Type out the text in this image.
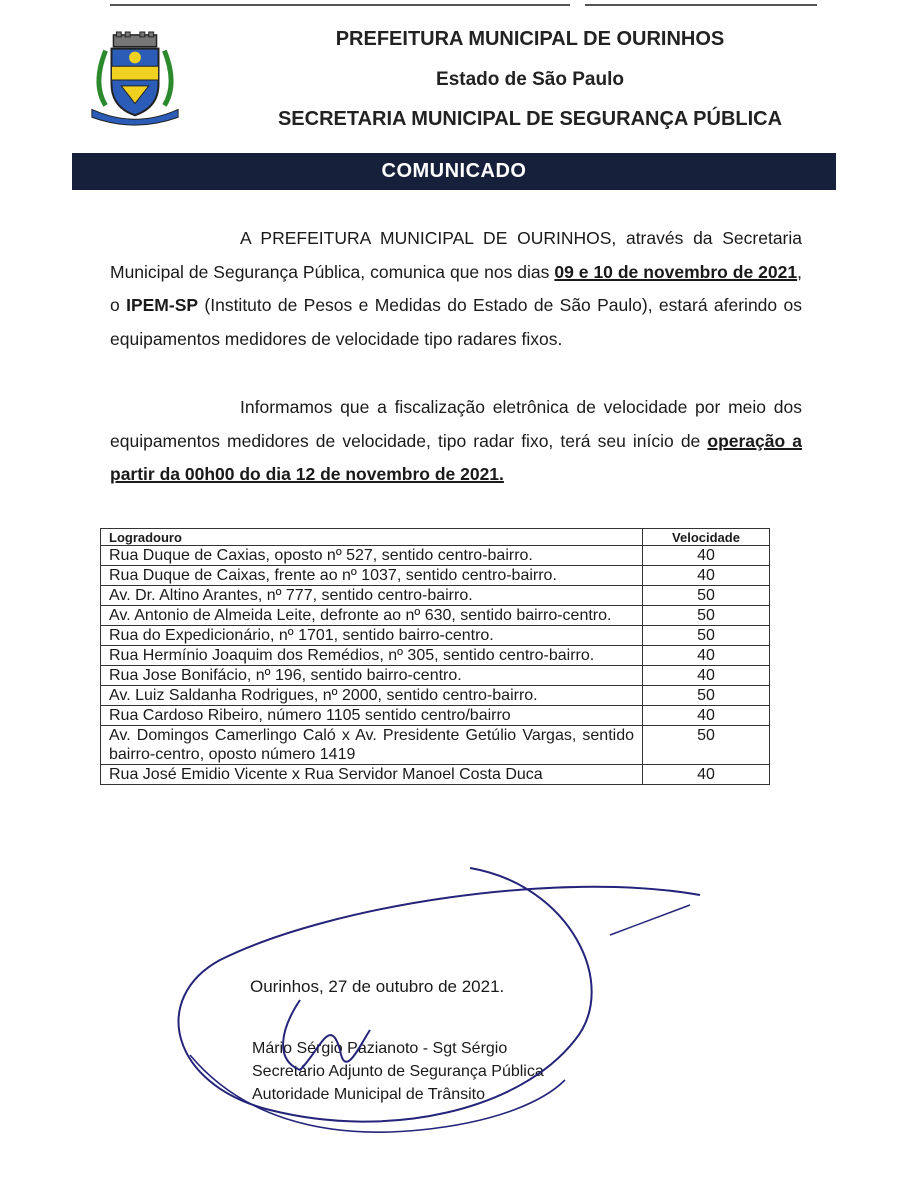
PREFEITURA MUNICIPAL DE OURINHOS
Estado de São Paulo
SECRETARIA MUNICIPAL DE SEGURANÇA PÚBLICA
COMUNICADO
A PREFEITURA MUNICIPAL DE OURINHOS, através da Secretaria Municipal de Segurança Pública, comunica que nos dias 09 e 10 de novembro de 2021, o IPEM-SP (Instituto de Pesos e Medidas do Estado de São Paulo), estará aferindo os equipamentos medidores de velocidade tipo radares fixos.
Informamos que a fiscalização eletrônica de velocidade por meio dos equipamentos medidores de velocidade, tipo radar fixo, terá seu início de operação a partir da 00h00 do dia 12 de novembro de 2021.
Logradouro	Velocidade
Rua Duque de Caxias, oposto nº 527, sentido centro-bairro.	40
Rua Duque de Caixas, frente ao nº 1037, sentido centro-bairro.	40
Av. Dr. Altino Arantes, nº 777, sentido centro-bairro.	50
Av. Antonio de Almeida Leite, defronte ao nº 630, sentido bairro-centro.	50
Rua do Expedicionário, nº 1701, sentido bairro-centro.	50
Rua Hermínio Joaquim dos Remédios, nº 305, sentido centro-bairro.	40
Rua Jose Bonifácio, nº 196, sentido bairro-centro.	40
Av. Luiz Saldanha Rodrigues, nº 2000, sentido centro-bairro.	50
Rua Cardoso Ribeiro, número 1105 sentido centro/bairro	40
Av. Domingos Camerlingo Caló x Av. Presidente Getúlio Vargas, sentido bairro-centro, oposto número 1419	50
Rua José Emidio Vicente x Rua Servidor Manoel Costa Duca	40
Ourinhos, 27 de outubro de 2021.
Mário Sérgio Pazianoto - Sgt Sérgio
Secretário Adjunto de Segurança Pública
Autoridade Municipal de Trânsito
